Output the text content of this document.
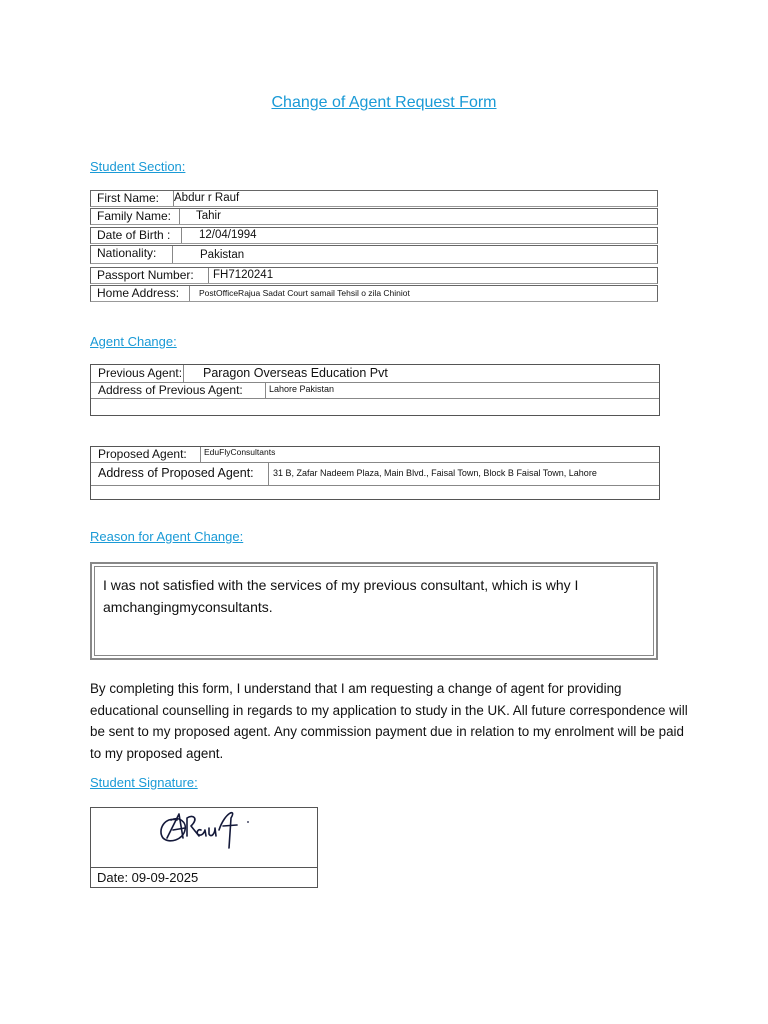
Change of Agent Request Form
Student Section:
First Name:	Abdur r Rauf
Family Name:	Tahir
Date of Birth :	12/04/1994
Nationality:	Pakistan
Passport Number:	FH7120241
Home Address:	PostOfficeRajua Sadat Court samail Tehsil o zila Chiniot
Agent Change:
Previous Agent: Paragon Overseas Education Pvt
Address of Previous Agent:	Lahore Pakistan
Proposed Agent:	EduFlyConsultants
Address of Proposed Agent:	31 B, Zafar Nadeem Plaza, Main Blvd., Faisal Town, Block B Faisal Town, Lahore
Reason for Agent Change:
I was not satisfied with the services of my previous consultant, which is why I amchangingmyconsultants.
By completing this form, I understand that I am requesting a change of agent for providing educational counselling in regards to my application to study in the UK. All future correspondence will be sent to my proposed agent. Any commission payment due in relation to my enrolment will be paid to my proposed agent.
Student Signature:
Date: 09-09-2025
